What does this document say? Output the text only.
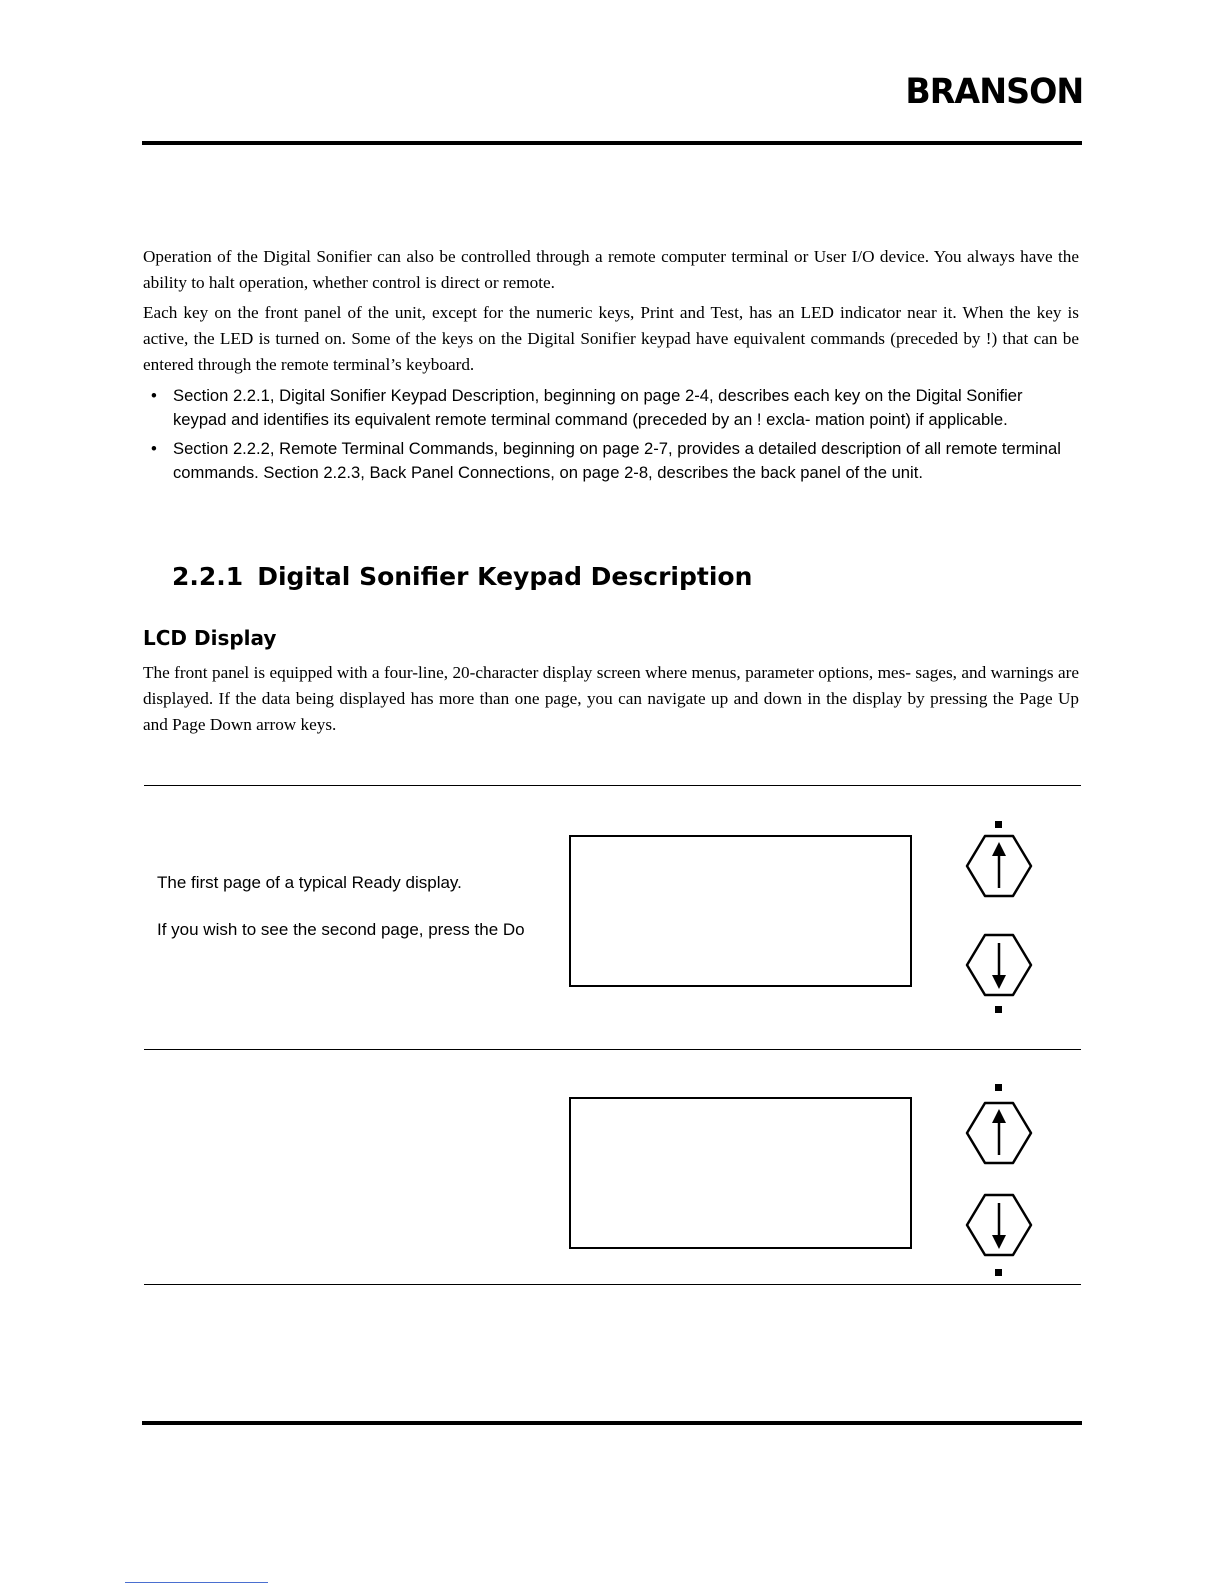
BRANSON

Operation of the Digital Sonifier can also be controlled through a remote computer terminal or User I/O device. You always have the ability to halt operation, whether control is direct or remote.

Each key on the front panel of the unit, except for the numeric keys, Print and Test, has an LED indicator near it. When the key is active, the LED is turned on. Some of the keys on the Digital Sonifier keypad have equivalent commands (preceded by !) that can be entered through the remote terminal’s keyboard.

• Section 2.2.1, Digital Sonifier Keypad Description, beginning on page 2-4, describes each key on the Digital Sonifier keypad and identifies its equivalent remote terminal command (preceded by an ! excla- mation point) if applicable.
• Section 2.2.2, Remote Terminal Commands, beginning on page 2-7, provides a detailed description of all remote terminal commands. Section 2.2.3, Back Panel Connections, on page 2-8, describes the back panel of the unit.
2.2.1 Digital Sonifier Keypad Description
LCD Display

The front panel is equipped with a four-line, 20-character display screen where menus, parameter options, mes- sages, and warnings are displayed. If the data being displayed has more than one page, you can navigate up and down in the display by pressing the Page Up and Page Down arrow keys.

The first page of a typical Ready display.
If you wish to see the second page, press the Do
